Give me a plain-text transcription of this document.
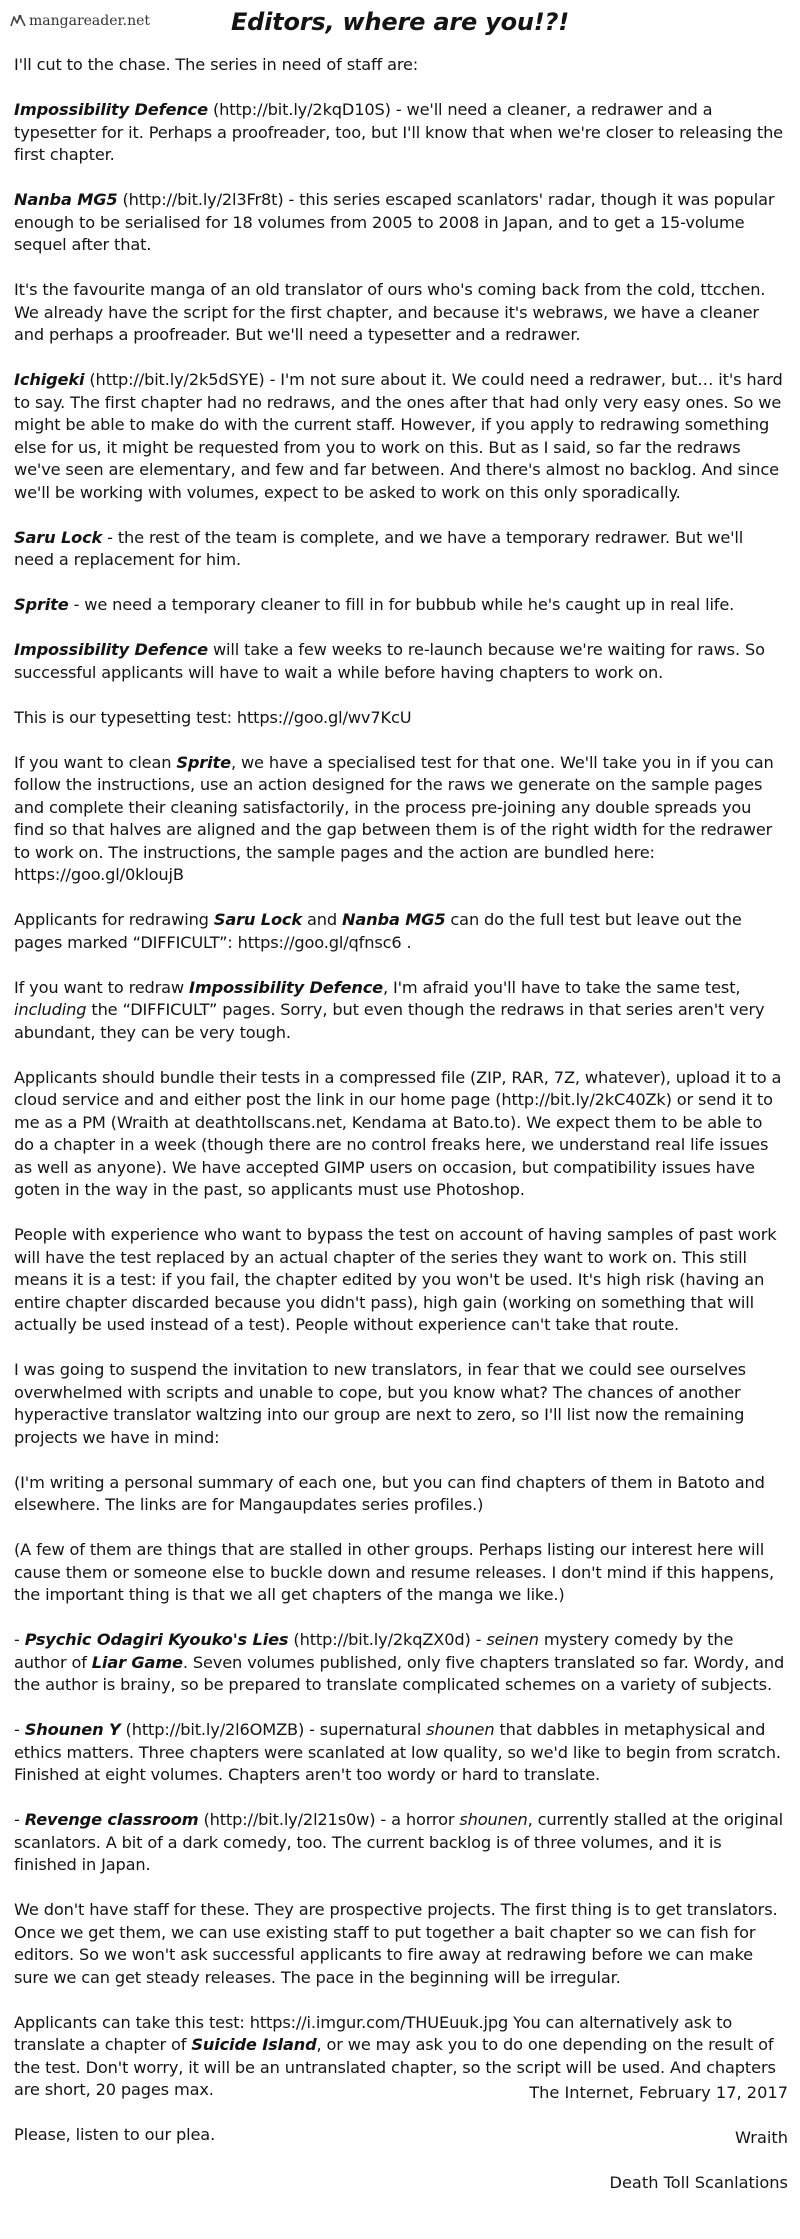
mangareader.net	Editors, where are you!?!

I'll cut to the chase. The series in need of staff are:

Impossibility Defence (http://bit.ly/2kqD10S) - we'll need a cleaner, a redrawer and a typesetter for it. Perhaps a proofreader, too, but I'll know that when we're closer to releasing the first chapter.

Nanba MG5 (http://bit.ly/2l3Fr8t) - this series escaped scanlators' radar, though it was popular enough to be serialised for 18 volumes from 2005 to 2008 in Japan, and to get a 15-volume sequel after that.

It's the favourite manga of an old translator of ours who's coming back from the cold, ttcchen. We already have the script for the first chapter, and because it's webraws, we have a cleaner and perhaps a proofreader. But we'll need a typesetter and a redrawer.

Ichigeki (http://bit.ly/2k5dSYE) - I'm not sure about it. We could need a redrawer, but… it's hard to say. The first chapter had no redraws, and the ones after that had only very easy ones. So we might be able to make do with the current staff. However, if you apply to redrawing something else for us, it might be requested from you to work on this. But as I said, so far the redraws we've seen are elementary, and few and far between. And there's almost no backlog. And since we'll be working with volumes, expect to be asked to work on this only sporadically.

Saru Lock - the rest of the team is complete, and we have a temporary redrawer. But we'll need a replacement for him.

Sprite - we need a temporary cleaner to fill in for bubbub while he's caught up in real life.

Impossibility Defence will take a few weeks to re-launch because we're waiting for raws. So successful applicants will have to wait a while before having chapters to work on.

This is our typesetting test: https://goo.gl/wv7KcU

If you want to clean Sprite, we have a specialised test for that one. We'll take you in if you can follow the instructions, use an action designed for the raws we generate on the sample pages and complete their cleaning satisfactorily, in the process pre-joining any double spreads you find so that halves are aligned and the gap between them is of the right width for the redrawer to work on. The instructions, the sample pages and the action are bundled here: https://goo.gl/0kloujB

Applicants for redrawing Saru Lock and Nanba MG5 can do the full test but leave out the pages marked “DIFFICULT”: https://goo.gl/qfnsc6 .

If you want to redraw Impossibility Defence, I'm afraid you'll have to take the same test, including the “DIFFICULT” pages. Sorry, but even though the redraws in that series aren't very abundant, they can be very tough.

Applicants should bundle their tests in a compressed file (ZIP, RAR, 7Z, whatever), upload it to a cloud service and and either post the link in our home page (http://bit.ly/2kC40Zk) or send it to me as a PM (Wraith at deathtollscans.net, Kendama at Bato.to). We expect them to be able to do a chapter in a week (though there are no control freaks here, we understand real life issues as well as anyone). We have accepted GIMP users on occasion, but compatibility issues have goten in the way in the past, so applicants must use Photoshop.

People with experience who want to bypass the test on account of having samples of past work will have the test replaced by an actual chapter of the series they want to work on. This still means it is a test: if you fail, the chapter edited by you won't be used. It's high risk (having an entire chapter discarded because you didn't pass), high gain (working on something that will actually be used instead of a test). People without experience can't take that route.

I was going to suspend the invitation to new translators, in fear that we could see ourselves overwhelmed with scripts and unable to cope, but you know what? The chances of another hyperactive translator waltzing into our group are next to zero, so I'll list now the remaining projects we have in mind:

(I'm writing a personal summary of each one, but you can find chapters of them in Batoto and elsewhere. The links are for Mangaupdates series profiles.)

(A few of them are things that are stalled in other groups. Perhaps listing our interest here will cause them or someone else to buckle down and resume releases. I don't mind if this happens, the important thing is that we all get chapters of the manga we like.)

- Psychic Odagiri Kyouko's Lies (http://bit.ly/2kqZX0d) - seinen mystery comedy by the author of Liar Game. Seven volumes published, only five chapters translated so far. Wordy, and the author is brainy, so be prepared to translate complicated schemes on a variety of subjects.

- Shounen Y (http://bit.ly/2l6OMZB) - supernatural shounen that dabbles in metaphysical and ethics matters. Three chapters were scanlated at low quality, so we'd like to begin from scratch. Finished at eight volumes. Chapters aren't too wordy or hard to translate.

- Revenge classroom (http://bit.ly/2l21s0w) - a horror shounen, currently stalled at the original scanlators. A bit of a dark comedy, too. The current backlog is of three volumes, and it is finished in Japan.

We don't have staff for these. They are prospective projects. The first thing is to get translators. Once we get them, we can use existing staff to put together a bait chapter so we can fish for editors. So we won't ask successful applicants to fire away at redrawing before we can make sure we can get steady releases. The pace in the beginning will be irregular.

Applicants can take this test: https://i.imgur.com/THUEuuk.jpg You can alternatively ask to translate a chapter of Suicide Island, or we may ask you to do one depending on the result of the test. Don't worry, it will be an untranslated chapter, so the script will be used. And chapters are short, 20 pages max.

Please, listen to our plea.

The Internet, February 17, 2017
Wraith
Death Toll Scanlations
